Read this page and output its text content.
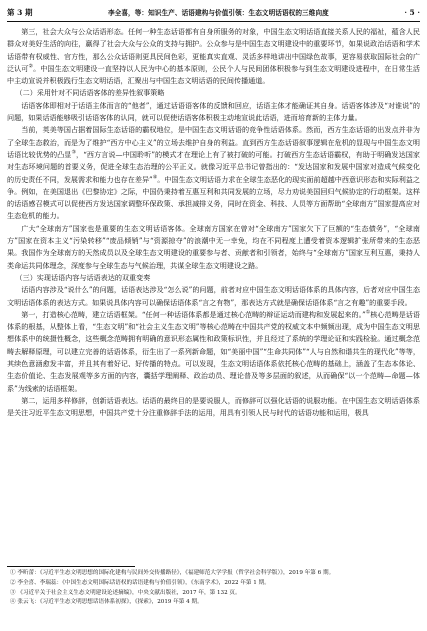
第 3 期	李全喜，等：知识生产、话语建构与价值引领：生态文明话语权的三维向度	· 5 ·

第三，社会大众与公众话语形态。任何一种生态话语都有自身所服务的对象，中国生态文明话语直接关系人民的福祉，蕴含人民群众对美好生活的向往，赢得了社会大众与公众的支持与拥护。公众参与是中国生态文明建设中的重要环节，如果说政治话语和学术话语带有权威性、官方性，那么公众话语则更具民间色彩，更能真实直观、灵活多样地讲出中国绿色故事，更容易获取国际社会的广泛认可②。中国生态文明建设一直坚持以人民为中心的基本原则，公民个人与民间团体积极参与到生态文明建设进程中，在日常生活中主动宣说并积极践行生态文明话语，汇聚出与中国生态文明话语的民间传播通道。

（二）采用针对不同话语客体的差异性叙事策略

话语客体即相对于话语主体而言的“他者”，通过话语语客体的反馈和回应，话语主体才能确证其自身。话语客体涉及“对谁说”的问题，如果话语能够吸引话语客体的认同，就可以促使话语客体积极主动地宣说此话语，进而培育新的主体力量。

当前，英美等国占据着国际生态话语的霸权地位，是中国生态文明话语的竞争性话语体系。然而，西方生态话语的出发点并非为了全球生态救治，而是为了维护“西方中心主义”的立场去维护自身的利益。直到西方生态话语叙事逻辑在危机的显现与中国生态文明话语比较优势的凸显③，“西方言说—中国聆听”的模式才在理论上有了被打破的可能。打破西方生态话语霸权，有助于明确发达国家对生态环境问题的首要义务，促进全球生态治理的公平正义。就像习近平总书记曾指出的：“发达国家和发展中国家对造成气候变化的历史责任不同，发展需求和能力也存在差异”④。中国生态文明话语力求在全球生态恶化的现实面前超越中西意识形态和实际利益之争。例如，在美国退出《巴黎协定》之际，中国仍秉持着互惠互利和共同发展的立场，尽力劝说美国回归气候协定的行动框架。这样的话语感召模式可以促使西方发达国家调整环保政策、承担减排义务，同时在资金、科技、人员等方面帮助“全球南方”国家提高应对生态危机的能力。

广大“全球南方”国家也是重要的生态文明话语客体。全球南方国家在曾对“全球南方”国家欠下了巨额的“生态债务”，“全球南方”国家在资本主义“污染转移”“废品倾销”与“资源掠夺”的浪潮中无一幸免，均在不同程度上遭受着资本逻辑扩张所带来的生态恶果。我国作为全球南方的天然成员以及全球生态文明建设的重要参与者、贡献者和引领者，始终与“全球南方”国家互利互惠，秉持人类命运共同体理念，深度参与全球生态与气候治理，共谋全球生态文明建设之路。

（三）实现话语内容与话语表达的双重变奏

话语内容涉及“说什么”的问题，话语表达涉及“怎么说”的问题，前者对应中国生态文明话语体系的具体内容，后者对应中国生态文明话语体系的表达方式。如果说具体内容可以确保话语体系“言之有物”，那表达方式就是确保话语体系“言之有趣”的重要手段。

第一，打造核心范畴，建立话语框架。“任何一种话语体系都是通过核心范畴的辩证运动而建构和发展起来的。”①核心范畴是话语体系的根基，从整体上看，“生态文明”和“社会主义生态文明”等核心范畴在中国共产党的权威文本中频频出现，成为中国生态文明思想体系中的统摄性概念，这些概念范畴拥有明确的意识形态属性和政策标识性，并且经过了系统的学理论证和实践检验。通过概念范畴去解释原理，可以建立完善的话语体系，衍生出了一系列新命题，如“美丽中国”“生命共同体”“人与自然和谐共生的现代化”等等，其续色意涵愈发丰富，并且其有着好记、好传播的特点。可以发现，生态文明话语体系依托核心范畴的基础上，涵盖了生态本体论、生态价值论、生态发展观等多方面的内容，囊括学理阐释、政治动员、理论普及等多层面的叙述，从而确保“以一个范畴—命题—体系”为线索的话语框架。

第二，运用多样修辞，创新话语表达。话语的最终目的是要说服人，而修辞可以强化话语的说服功能。在中国生态文明话语体系是关注习近平生态文明思想，中国共产党十分注重修辞手法的运用，用具有引领人民与时代的话语功能和运用，极具

① 李昕蕾：《习近平生态文明思想的国际化建构与民间外交传播路径》，《福建师范大学学报（哲学社会科学版）》，2019 年第 6 期。
② 李全喜、李瑞蕊：《中国生态文明国际话语权的话语建构与价值引领》，《东南学术》，2022 年第 1 期。
③ 《习近平关于社会主义生态文明建设论述摘编》，中央文献出版社，2017 年，第 132 页。
④ 张云飞：《习近平生态文明思想话语体系初探》，《探索》，2019 年第 4 期。
